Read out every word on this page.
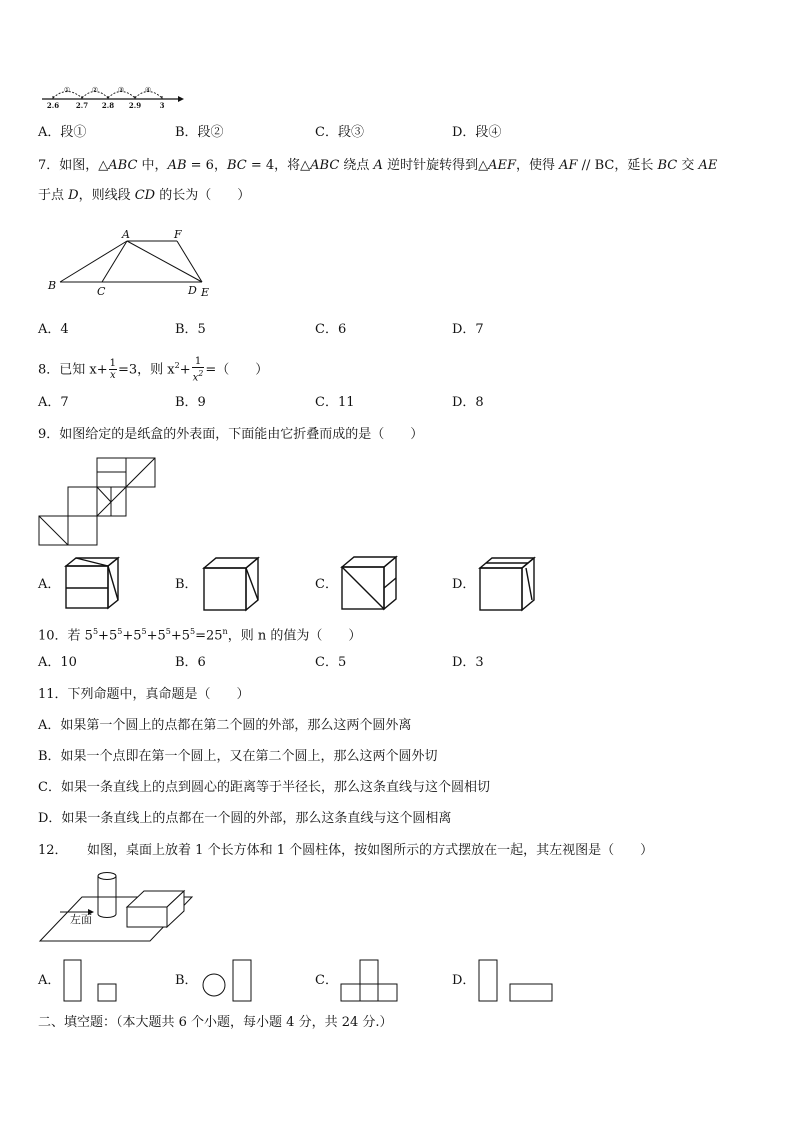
①	②	③	④
2.6 2.7 2.8 2.9	3
A．段①	B．段②	C．段③	D．段④
7．如图，△ABC 中，AB = 6，BC = 4，将△ABC 绕点 A 逆时针旋转得到△AEF，使得 AF // BC，延长 BC 交 AE
于点 D，则线段 CD 的长为（　　）
A	F
B	C	D E
A．4	B．5	C．6	D．7
8．已知 $x+ \frac{1}{x} =3$，则 $x^2+ \frac{1}{x^2}$ =（　　）
A．7	B．9	C．11	D．8
9．如图给定的是纸盒的外表面，下面能由它折叠而成的是（　　）
A．	B．	C．	D．
10．若 $5^5+5^5+5^5+5^5+5^5=25^n$，则 n 的值为（　　）
A．10	B．6	C．5	D．3
11．下列命题中，真命题是（　　）
A．如果第一个圆上的点都在第二个圆的外部，那么这两个圆外离
B．如果一个点即在第一个圆上，又在第二个圆上，那么这两个圆外切
C．如果一条直线上的点到圆心的距离等于半径长，那么这条直线与这个圆相切
D．如果一条直线上的点都在一个圆的外部，那么这条直线与这个圆相离
12．　　如图，桌面上放着 1 个长方体和 1 个圆柱体，按如图所示的方式摆放在一起，其左视图是（　　）
左面
A．	B．	C．	D．
二、填空题：（本大题共 6 个小题，每小题 4 分，共 24 分.）
